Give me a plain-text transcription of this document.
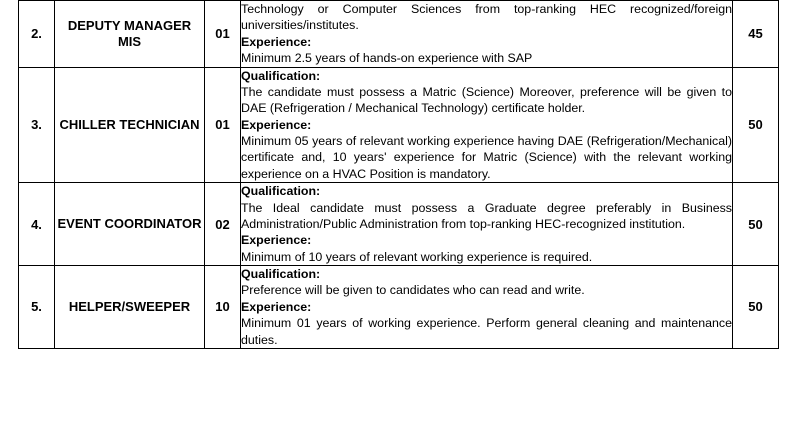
2.	DEPUTY MANAGER MIS	01	Technology or Computer Sciences from top-ranking HEC recognized/foreign universities/institutes.
Experience:
Minimum 2.5 years of hands-on experience with SAP	45
3.	CHILLER TECHNICIAN	01	Qualification:
The candidate must possess a Matric (Science) Moreover, preference will be given to DAE (Refrigeration / Mechanical Technology) certificate holder.
Experience:
Minimum 05 years of relevant working experience having DAE (Refrigeration/Mechanical) certificate and, 10 years' experience for Matric (Science) with the relevant working experience on a HVAC Position is mandatory.	50
4.	EVENT COORDINATOR	02	Qualification:
The Ideal candidate must possess a Graduate degree preferably in Business Administration/Public Administration from top-ranking HEC-recognized institution.
Experience:
Minimum of 10 years of relevant working experience is required.	50
5.	HELPER/SWEEPER	10	Qualification:
Preference will be given to candidates who can read and write.
Experience:
Minimum 01 years of working experience. Perform general cleaning and maintenance duties.	50
